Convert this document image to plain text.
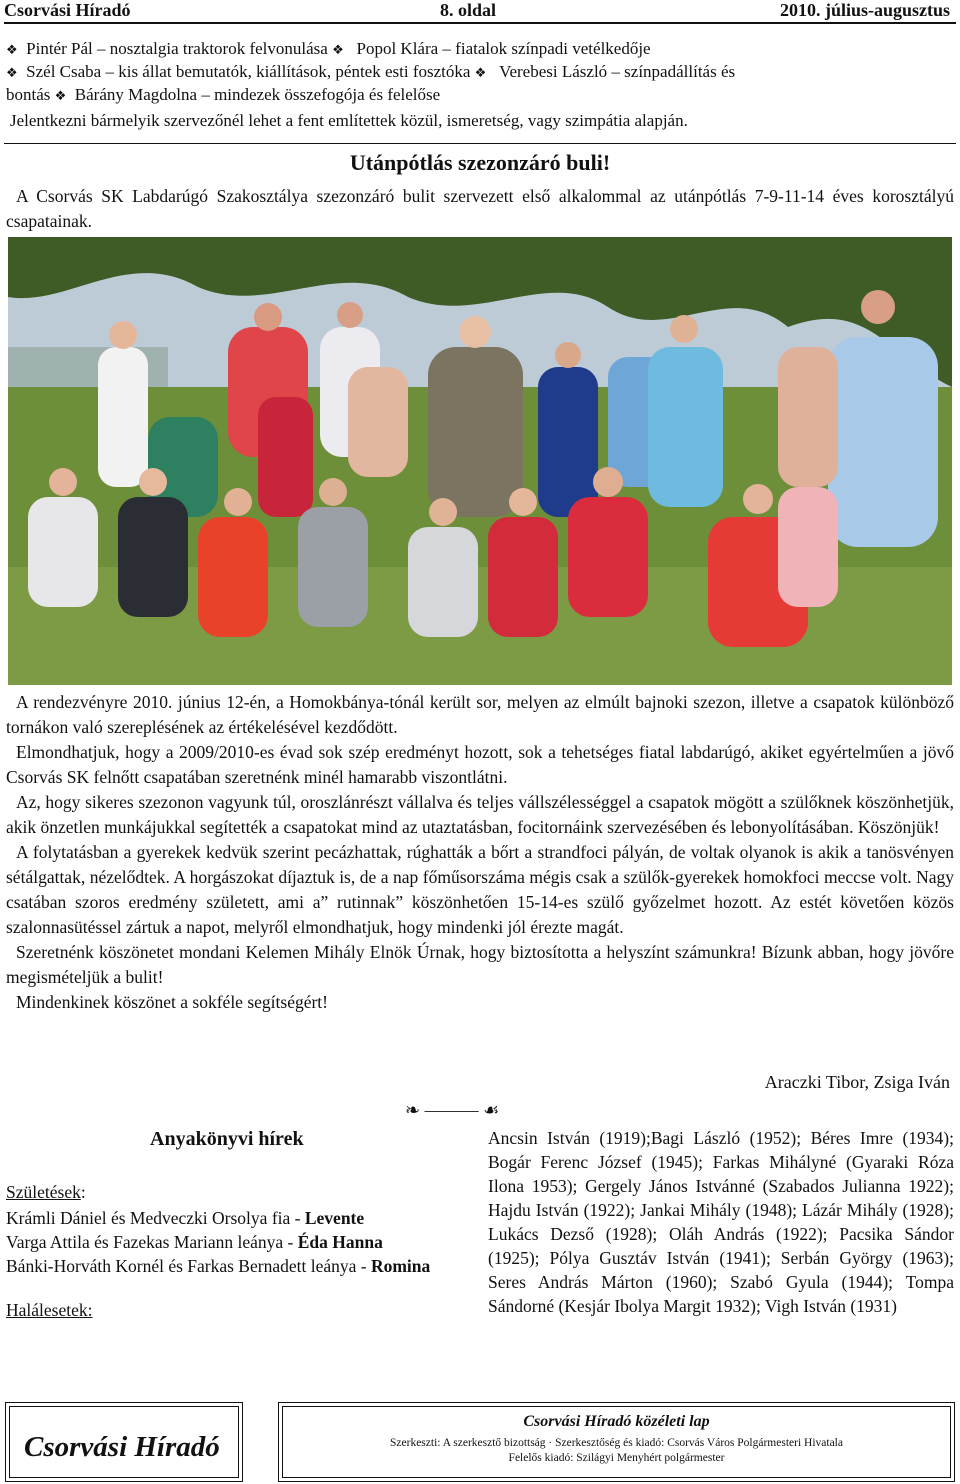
Csorvási Híradó	8. oldal	2010. július-augusztus
❖ Pintér Pál – nosztalgia traktorok felvonulása ❖ Popol Klára – fiatalok színpadi vetélkedője
❖ Szél Csaba – kis állat bemutatók, kiállítások, péntek esti fosztóka ❖ Verebesi László – színpadállítás és
bontás ❖ Bárány Magdolna – mindezek összefogója és felelőse
Jelentkezni bármelyik szervezőnél lehet a fent említettek közül, ismeretség, vagy szimpátia alapján.
Utánpótlás szezonzáró buli!
A Csorvás SK Labdarúgó Szakosztálya szezonzáró bulit szervezett első alkalommal az utánpótlás 7-9-11-14 éves korosztályú csapatainak.

A rendezvényre 2010. június 12-én, a Homokbánya-tónál került sor, melyen az elmúlt bajnoki szezon, illetve a csapatok különböző tornákon való szereplésének az értékelésével kezdődött.

Elmondhatjuk, hogy a 2009/2010-es évad sok szép eredményt hozott, sok a tehetséges fiatal labdarúgó, akiket egyértelműen a jövő Csorvás SK felnőtt csapatában szeretnénk minél hamarabb viszontlátni.

Az, hogy sikeres szezonon vagyunk túl, oroszlánrészt vállalva és teljes vállszélességgel a csapatok mögött a szülőknek köszönhetjük, akik önzetlen munkájukkal segítették a csapatokat mind az utaztatásban, focitornáink szervezésében és lebonyolításában. Köszönjük!

A folytatásban a gyerekek kedvük szerint pecázhattak, rúghatták a bőrt a strandfoci pályán, de voltak olyanok is akik a tanösvényen sétálgattak, nézelődtek. A horgászokat díjaztuk is, de a nap főműsorszáma mégis csak a szülők-gyerekek homokfoci meccse volt. Nagy csatában szoros eredmény született, ami a” rutinnak” köszönhetően 15-14-es szülő győzelmet hozott. Az estét követően közös szalonnasütéssel zártuk a napot, melyről elmondhatjuk, hogy mindenki jól érezte magát.

Szeretnénk köszönetet mondani Kelemen Mihály Elnök Úrnak, hogy biztosította a helyszínt számunkra! Bízunk abban, hogy jövőre megismételjük a bulit!

Mindenkinek köszönet a sokféle segítségért!

Araczki Tibor, Zsiga Iván
❧ ——— ☙
Anyakönyvi hírek

Születések:

Krámli Dániel és Medveczki Orsolya fia - Levente

Varga Attila és Fazekas Mariann leánya - Éda Hanna

Bánki-Horváth Kornél és Farkas Bernadett leánya - Romina

Halálesetek:

Ancsin István (1919);Bagi László (1952); Béres Imre (1934); Bogár Ferenc József (1945); Farkas Mihályné (Gyaraki Róza Ilona 1953); Gergely János Istvánné (Szabados Julianna 1922); Hajdu István (1922); Jankai Mihály (1948); Lázár Mihály (1928); Lukács Dezső (1928); Oláh András (1922); Pacsika Sándor (1925); Pólya Gusztáv István (1941); Serbán György (1963); Seres András Márton (1960); Szabó Gyula (1944); Tompa Sándorné (Kesjár Ibolya Margit 1932); Vigh István (1931)
Csorvási Híradó
Csorvási Híradó közéleti lap
Szerkeszti: A szerkesztő bizottság · Szerkesztőség és kiadó: Csorvás Város Polgármesteri Hivatala
Felelős kiadó: Szilágyi Menyhért polgármester
